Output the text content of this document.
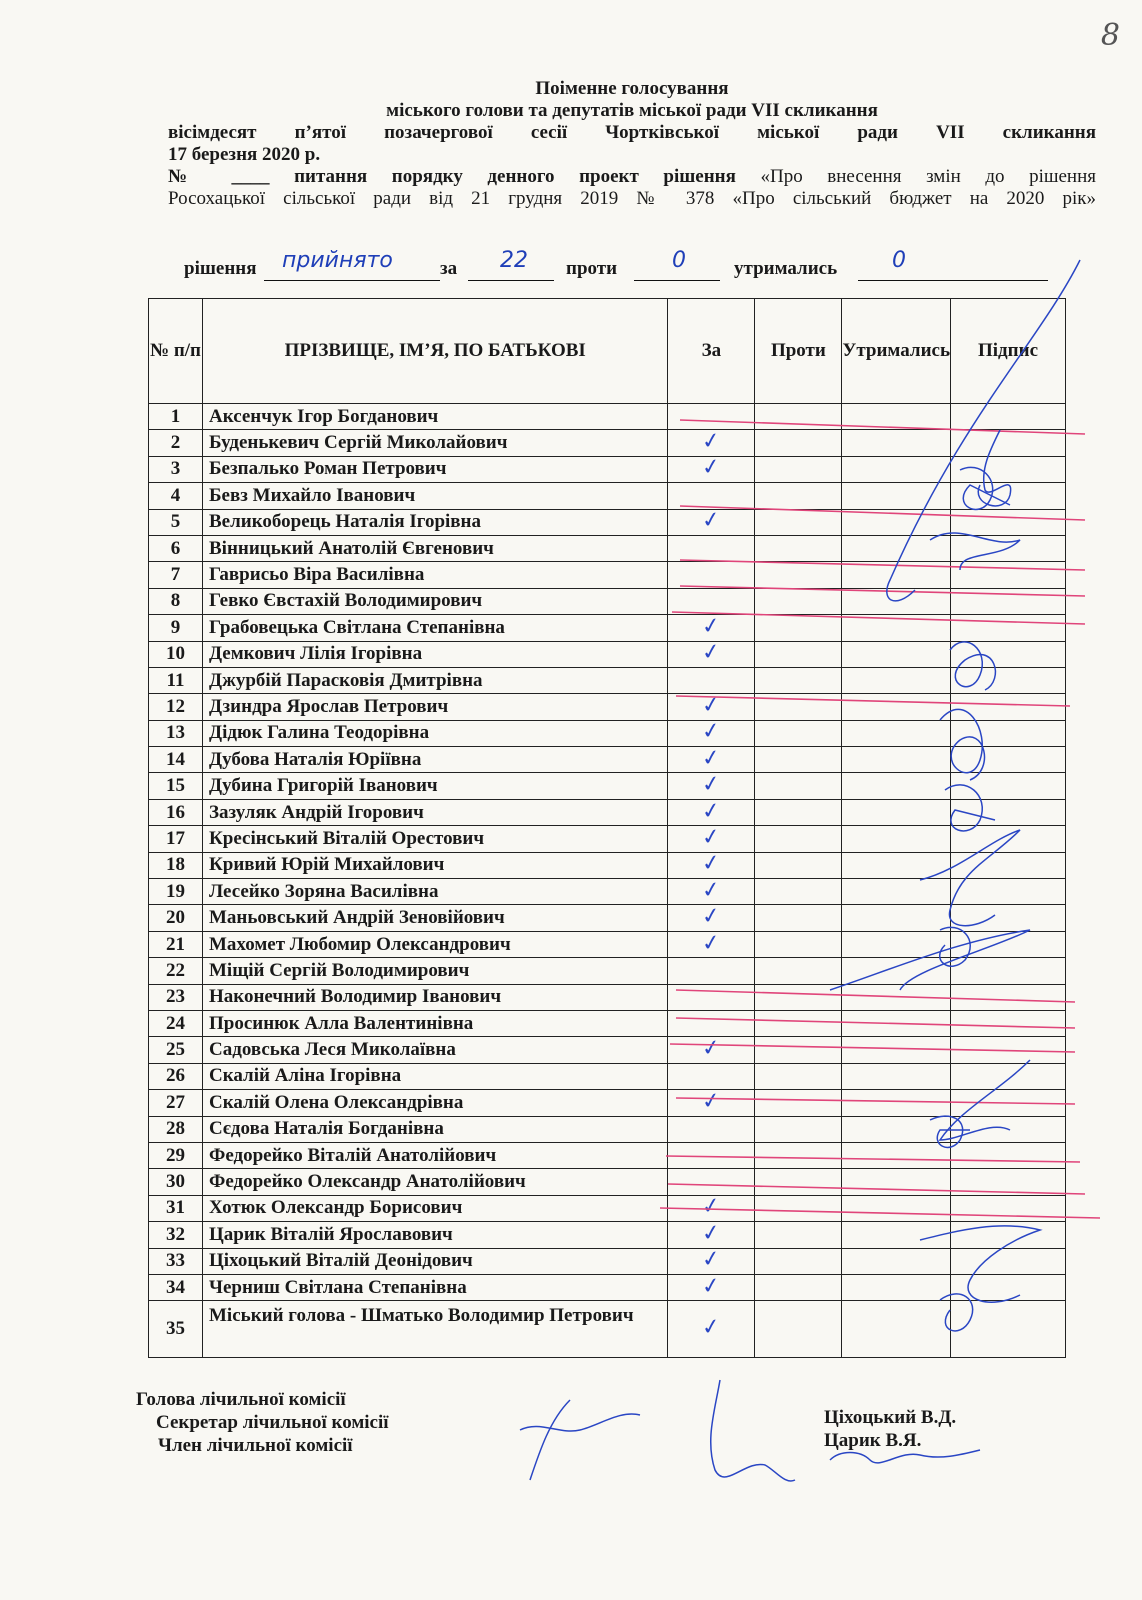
8
Поіменне голосування
міського голови та депутатів міської ради VII скликання
вісімдесят п’ятої позачергової сесії Чортківської міської ради VII скликання
17 березня 2020 р.
№ ____ питання порядку денного проект рішення «Про внесення змін до рішення
Росохацької сільської ради від 21 грудня 2019 № 378 «Про сільський бюджет на 2020 рік»
рішення прийнято за 22 проти 0	утримались 0
№ п/п	ПРІЗВИЩЕ, ІМ’Я, ПО БАТЬКОВІ	За	Проти	Утримались	Підпис
1	Аксенчук Ігор Богданович				
2	Буденькевич Сергій Миколайович	✓			
3	Безпалько Роман Петрович	✓			
4	Бевз Михайло Іванович				
5	Великоборець Наталія Ігорівна	✓			
6	Вінницький Анатолій Євгенович				
7	Гаврисьо Віра Василівна				
8	Гевко Євстахій Володимирович				
9	Грабовецька Світлана Степанівна	✓			
10	Демкович Лілія Ігорівна	✓			
11	Джурбій Парасковія Дмитрівна				
12	Дзиндра Ярослав Петрович	✓			
13	Дідюк Галина Теодорівна	✓			
14	Дубова Наталія Юріївна	✓			
15	Дубина Григорій Іванович	✓			
16	Зазуляк Андрій Ігорович	✓			
17	Кресінський Віталій Орестович	✓			
18	Кривий Юрій Михайлович	✓			
19	Лесейко Зоряна Василівна	✓			
20	Маньовський Андрій Зеновійович	✓			
21	Махомет Любомир Олександрович	✓			
22	Міщій Сергій Володимирович				
23	Наконечний Володимир Іванович				
24	Просинюк Алла Валентинівна				
25	Садовська Леся Миколаївна	✓			
26	Скалій Аліна Ігорівна				
27	Скалій Олена Олександрівна	✓			
28	Сєдова Наталія Богданівна				
29	Федорейко Віталій Анатолійович				
30	Федорейко Олександр Анатолійович				
31	Хотюк Олександр Борисович	✓			
32	Царик Віталій Ярославович	✓			
33	Ціхоцький Віталій Деонідович	✓			
34	Черниш Світлана Степанівна	✓			
35	Міський голова - Шматько Володимир Петрович	✓			
Голова лічильної комісії
Секретар лічильної комісії
Член лічильної комісії
Ціхоцький В.Д.
Царик В.Я.
